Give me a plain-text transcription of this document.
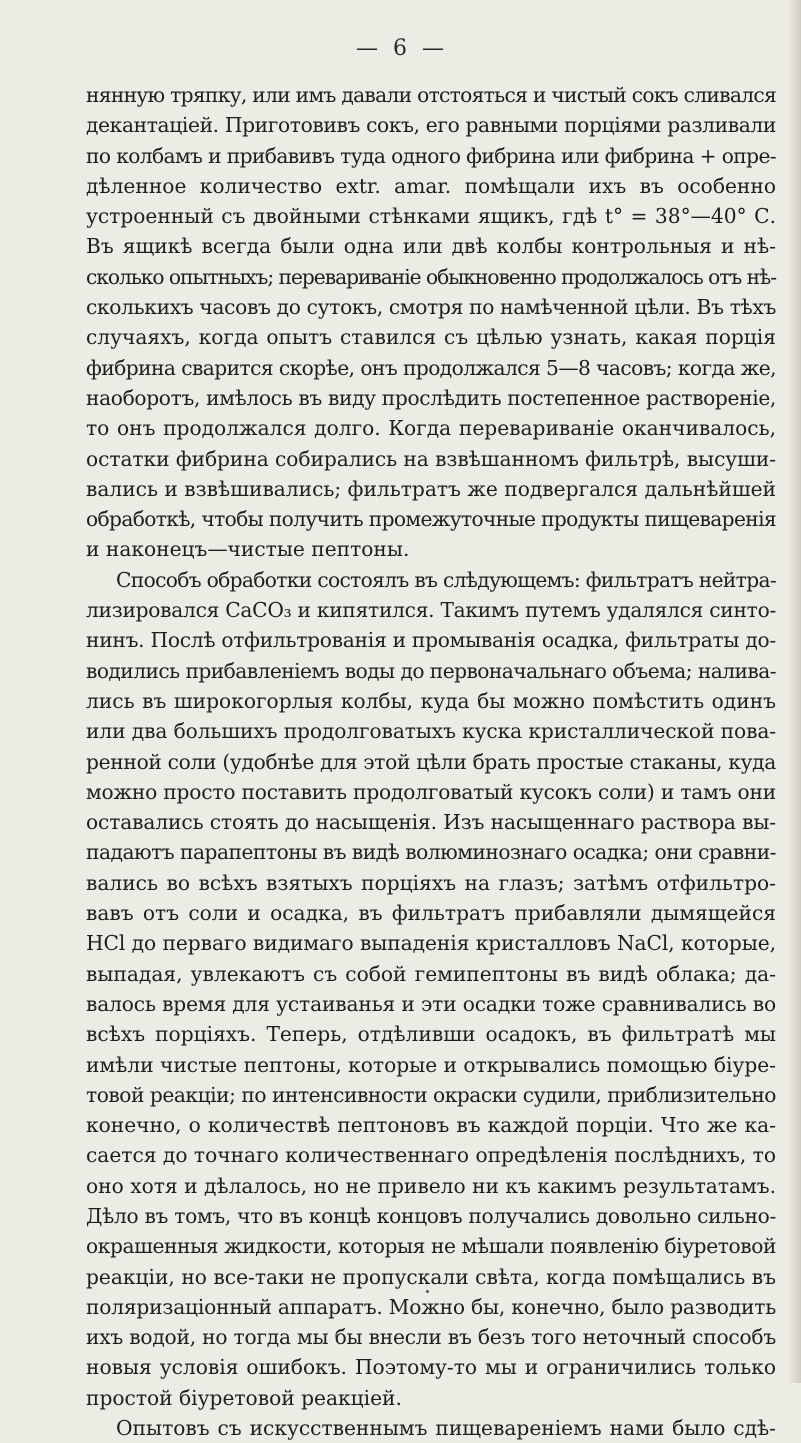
— 6 —
нянную тряпку, или имъ давали отстояться и чистый сокъ сливался
декантаціей. Приготовивъ сокъ, его равными порціями разливали
по колбамъ и прибавивъ туда одного фибрина или фибрина + опре-
дѣленное количество extr. amar. помѣщали ихъ въ особенно
устроенный съ двойными стѣнками ящикъ, гдѣ t° = 38°—40° С.
Въ ящикѣ всегда были одна или двѣ колбы контрольныя и нѣ-
сколько опытныхъ; перевариваніе обыкновенно продолжалось отъ нѣ-
сколькихъ часовъ до сутокъ, смотря по намѣченной цѣли. Въ тѣхъ
случаяхъ, когда опытъ ставился съ цѣлью узнать, какая порція
фибрина сварится скорѣе, онъ продолжался 5—8 часовъ; когда же,
наоборотъ, имѣлось въ виду прослѣдить постепенное раствореніе,
то онъ продолжался долго. Когда перевариваніе оканчивалось,
остатки фибрина собирались на взвѣшанномъ фильтрѣ, высуши-
вались и взвѣшивались; фильтратъ же подвергался дальнѣйшей
обработкѣ, чтобы получить промежуточные продукты пищеваренія
и наконецъ—чистые пептоны.
Способъ обработки состоялъ въ слѣдующемъ: фильтратъ нейтра-
лизировался CaCO₃ и кипятился. Такимъ путемъ удалялся синто-
нинъ. Послѣ отфильтрованія и промыванія осадка, фильтраты до-
водились прибавленіемъ воды до первоначальнаго объема; налива-
лись въ широкогорлыя колбы, куда бы можно помѣстить одинъ
или два большихъ продолговатыхъ куска кристаллической пова-
ренной соли (удобнѣе для этой цѣли брать простые стаканы, куда
можно просто поставить продолговатый кусокъ соли) и тамъ они
оставались стоять до насыщенія. Изъ насыщеннаго раствора вы-
падаютъ парапептоны въ видѣ волюминознаго осадка; они сравни-
вались во всѣхъ взятыхъ порціяхъ на глазъ; затѣмъ отфильтро-
вавъ отъ соли и осадка, въ фильтратъ прибавляли дымящейся
HCl до перваго видимаго выпаденія кристалловъ NaCl, которые,
выпадая, увлекаютъ съ собой гемипептоны въ видѣ облака; да-
валось время для устаиванья и эти осадки тоже сравнивались во
всѣхъ порціяхъ. Теперь, отдѣливши осадокъ, въ фильтратѣ мы
имѣли чистые пептоны, которые и открывались помощью біуре-
товой реакціи; по интенсивности окраски судили, приблизительно
конечно, о количествѣ пептоновъ въ каждой порціи. Что же ка-
сается до точнаго количественнаго опредѣленія послѣднихъ, то
оно хотя и дѣлалось, но не привело ни къ какимъ результатамъ.
Дѣло въ томъ, что въ концѣ концовъ получались довольно сильно-
окрашенныя жидкости, которыя не мѣшали появленію біуретовой
реакціи, но все-таки не пропускали свѣта, когда помѣщались въ
поляризаціонный аппаратъ. Можно бы, конечно, было разводить
ихъ водой, но тогда мы бы внесли въ безъ того неточный способъ
новыя условія ошибокъ. Поэтому-то мы и ограничились только
простой біуретовой реакціей.
Опытовъ съ искусственнымъ пищевареніемъ нами было сдѣ-
